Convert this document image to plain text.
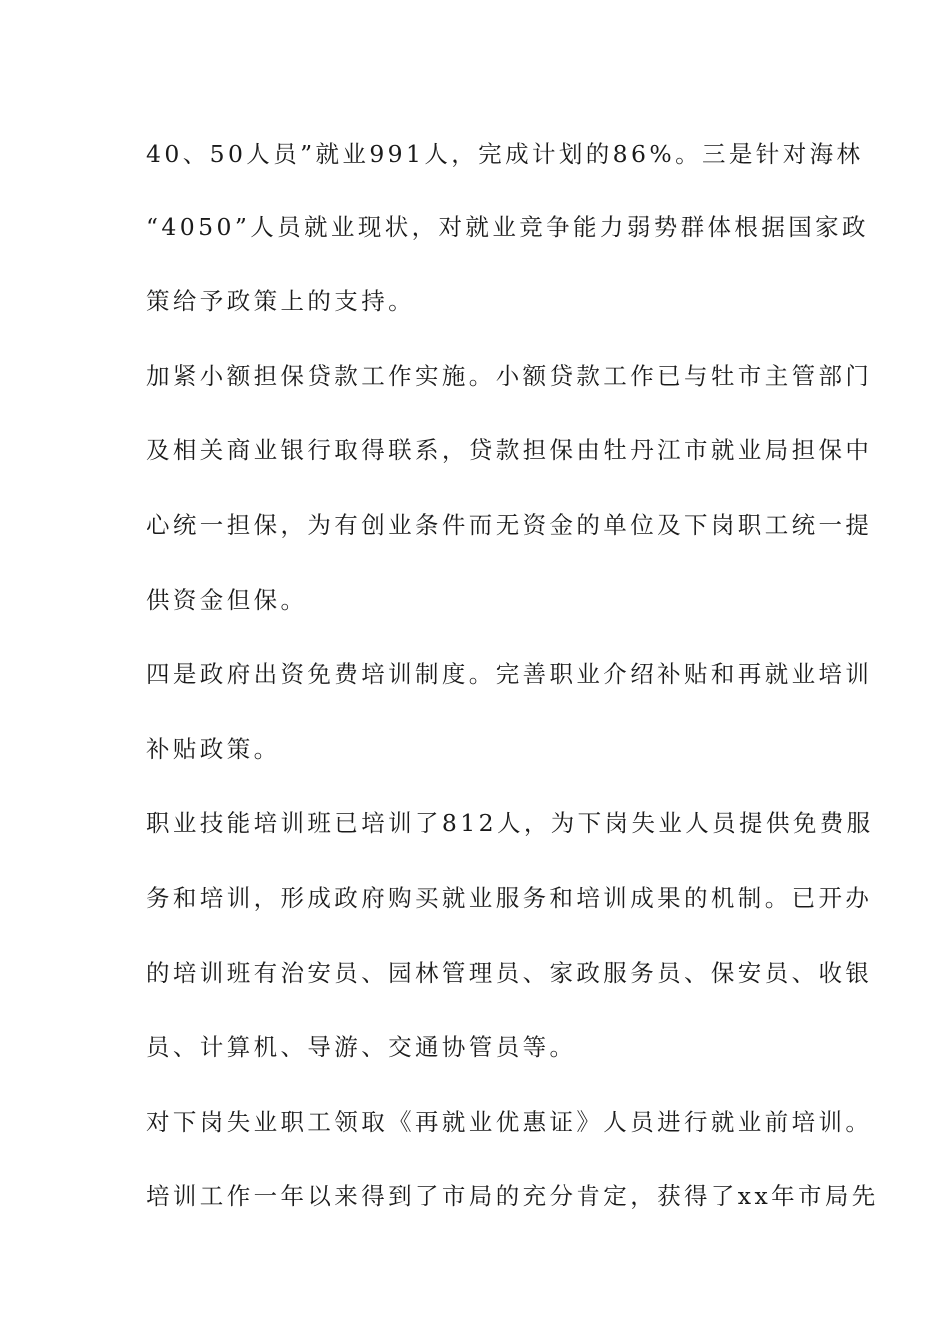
40、50人员”就业991人，完成计划的86%。三是针对海林
“4050”人员就业现状，对就业竞争能力弱势群体根据国家政
策给予政策上的支持。
加紧小额担保贷款工作实施。小额贷款工作已与牡市主管部门
及相关商业银行取得联系，贷款担保由牡丹江市就业局担保中
心统一担保，为有创业条件而无资金的单位及下岗职工统一提
供资金但保。
四是政府出资免费培训制度。完善职业介绍补贴和再就业培训
补贴政策。
职业技能培训班已培训了812人，为下岗失业人员提供免费服
务和培训，形成政府购买就业服务和培训成果的机制。已开办
的培训班有治安员、园林管理员、家政服务员、保安员、收银
员、计算机、导游、交通协管员等。
对下岗失业职工领取《再就业优惠证》人员进行就业前培训。
培训工作一年以来得到了市局的充分肯定，获得了xx年市局先
